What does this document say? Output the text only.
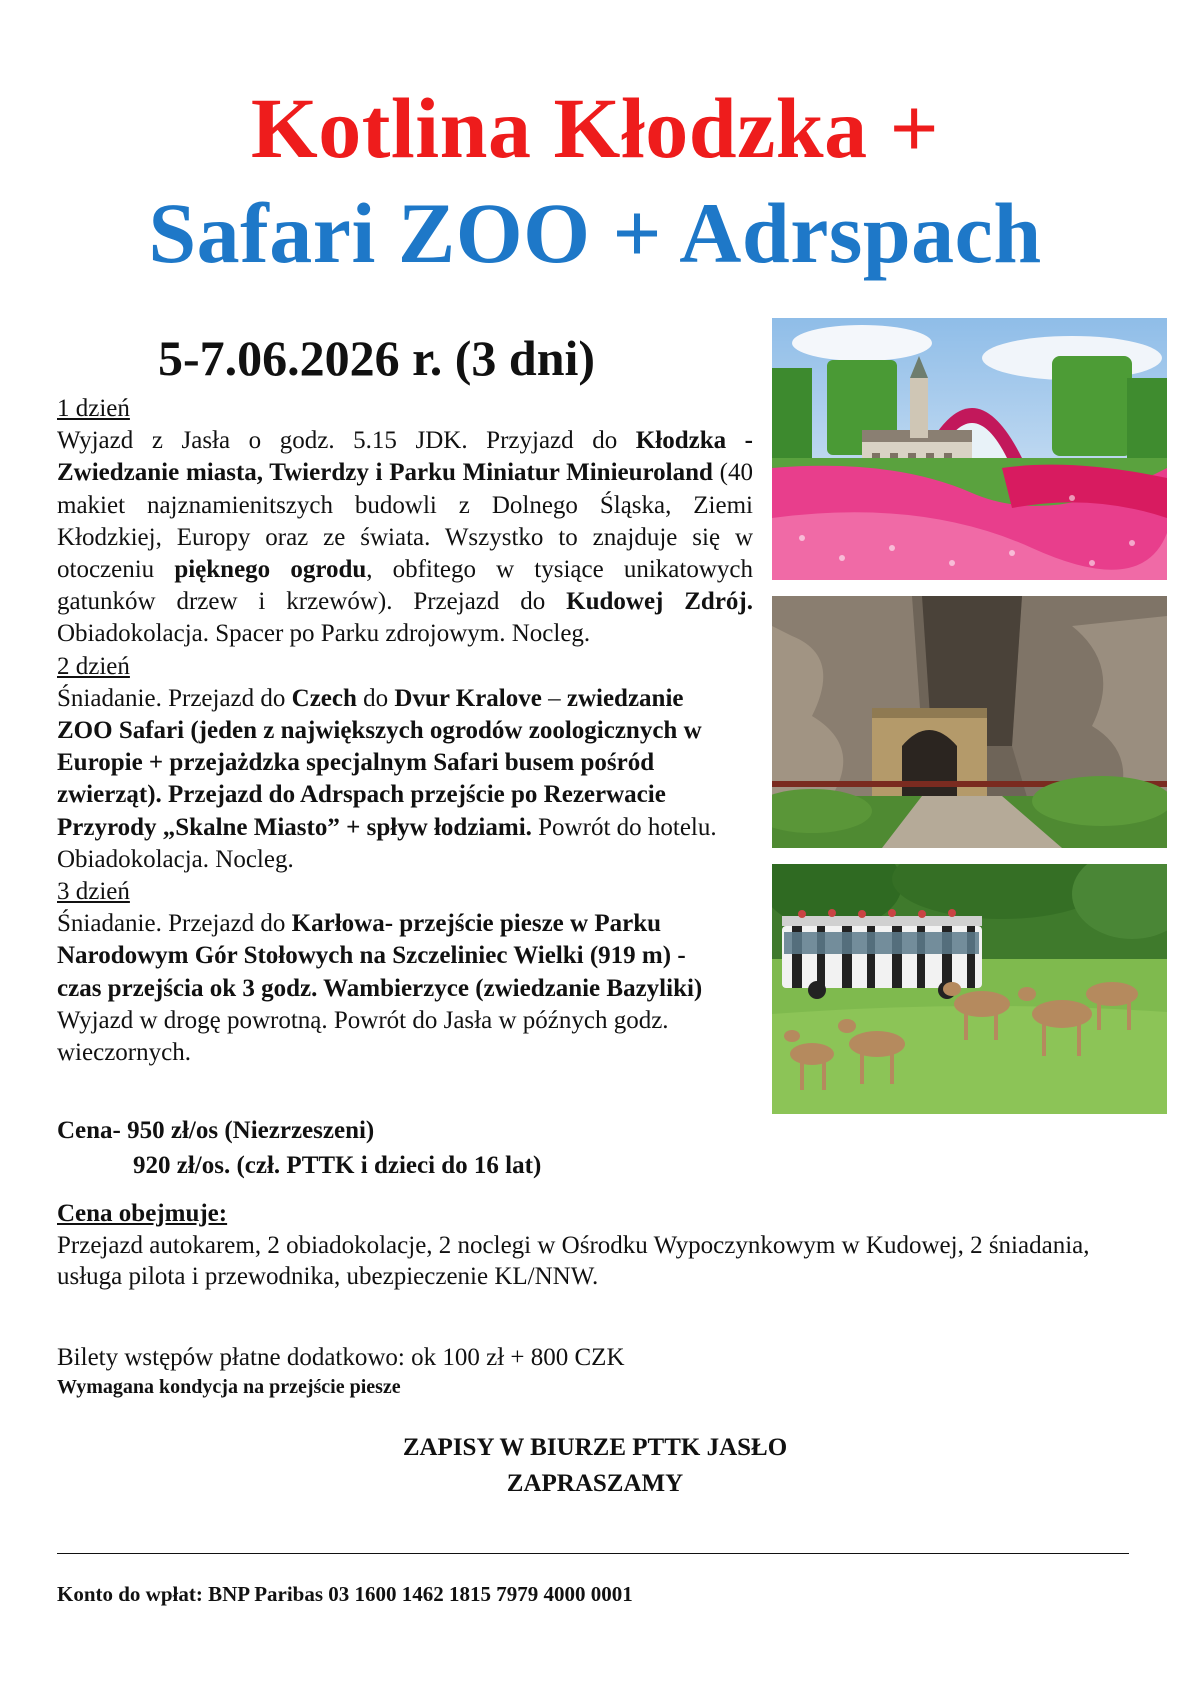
Kotlina Kłodzka +
Safari ZOO + Adrspach
5-7.06.2026 r. (3 dni)
1 dzień

Wyjazd z Jasła o godz. 5.15 JDK. Przyjazd do Kłodzka - Zwiedzanie miasta, Twierdzy i Parku Miniatur Minieuroland (40 makiet najznamienitszych budowli z Dolnego Śląska, Ziemi Kłodzkiej, Europy oraz ze świata. Wszystko to znajduje się w otoczeniu pięknego ogrodu, obfitego w tysiące unikatowych gatunków drzew i krzewów). Przejazd do Kudowej Zdrój. Obiadokolacja. Spacer po Parku zdrojowym. Nocleg.

2 dzień

Śniadanie. Przejazd do Czech do Dvur Kralove – zwiedzanie ZOO Safari (jeden z największych ogrodów zoologicznych w Europie + przejażdzka specjalnym Safari busem pośród zwierząt). Przejazd do Adrspach przejście po Rezerwacie Przyrody „Skalne Miasto” + spływ łodziami. Powrót do hotelu. Obiadokolacja. Nocleg.

3 dzień

Śniadanie. Przejazd do Karłowa- przejście piesze w Parku Narodowym Gór Stołowych na Szczeliniec Wielki (919 m) -czas przejścia ok 3 godz. Wambierzyce (zwiedzanie Bazyliki) Wyjazd w drogę powrotną. Powrót do Jasła w późnych godz. wieczornych.

Cena- 950 zł/os (Niezrzeszeni)
920 zł/os. (czł. PTTK i dzieci do 16 lat)
Cena obejmuje:

Przejazd autokarem, 2 obiadokolacje, 2 noclegi w Ośrodku Wypoczynkowym w Kudowej, 2 śniadania,

usługa pilota i przewodnika, ubezpieczenie KL/NNW.

Bilety wstępów płatne dodatkowo: ok 100 zł + 800 CZK
Wymagana kondycja na przejście piesze
ZAPISY W BIURZE PTTK JASŁO
ZAPRASZAMY
Konto do wpłat: BNP Paribas 03 1600 1462 1815 7979 4000 0001
